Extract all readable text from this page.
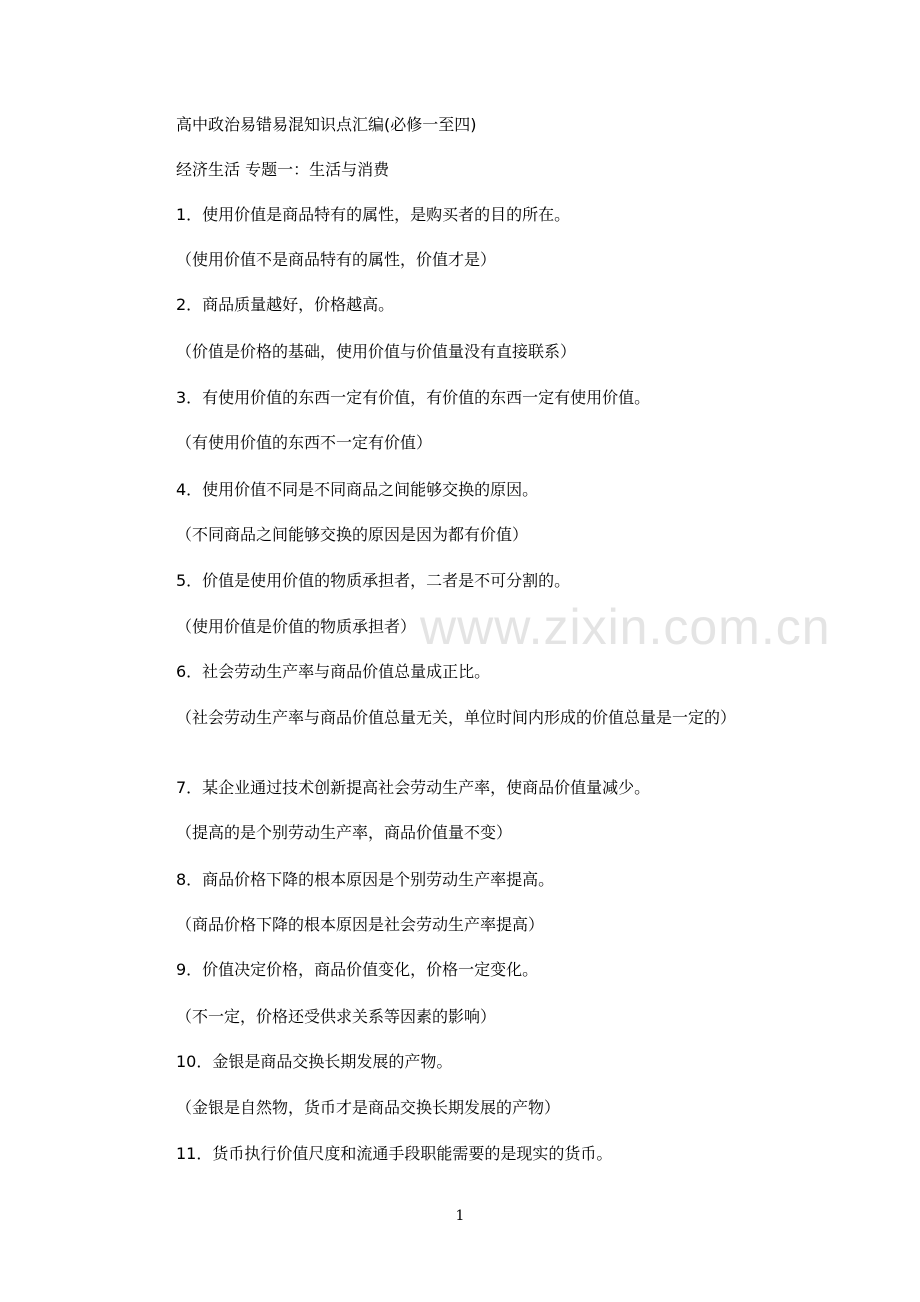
www.zixin.com.cn
高中政治易错易混知识点汇编(必修一至四)
经济生活 专题一：生活与消费
1．使用价值是商品特有的属性，是购买者的目的所在。
（使用价值不是商品特有的属性，价值才是）
2．商品质量越好，价格越高。
（价值是价格的基础，使用价值与价值量没有直接联系）
3．有使用价值的东西一定有价值，有价值的东西一定有使用价值。
（有使用价值的东西不一定有价值）
4．使用价值不同是不同商品之间能够交换的原因。
（不同商品之间能够交换的原因是因为都有价值）
5．价值是使用价值的物质承担者，二者是不可分割的。
（使用价值是价值的物质承担者）
6．社会劳动生产率与商品价值总量成正比。
（社会劳动生产率与商品价值总量无关，单位时间内形成的价值总量是一定的）
7．某企业通过技术创新提高社会劳动生产率，使商品价值量减少。
（提高的是个别劳动生产率，商品价值量不变）
8．商品价格下降的根本原因是个别劳动生产率提高。
（商品价格下降的根本原因是社会劳动生产率提高）
9．价值决定价格，商品价值变化，价格一定变化。
（不一定，价格还受供求关系等因素的影响）
10．金银是商品交换长期发展的产物。
（金银是自然物，货币才是商品交换长期发展的产物）
11．货币执行价值尺度和流通手段职能需要的是现实的货币。
1
